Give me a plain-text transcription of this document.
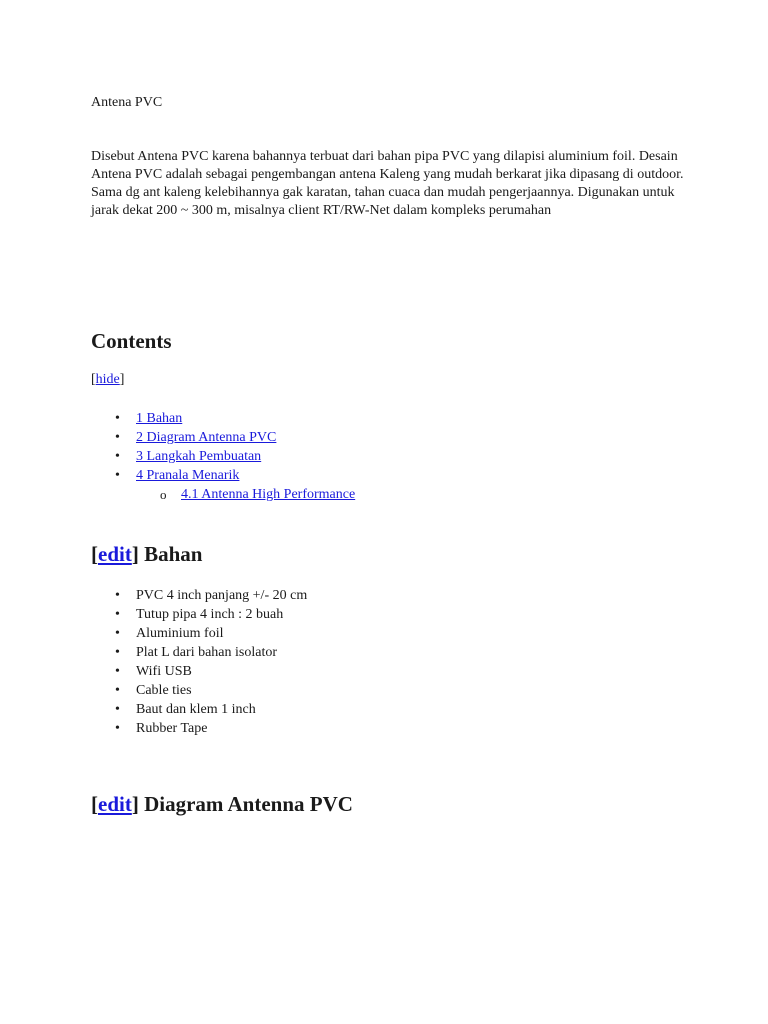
Antena PVC

Disebut Antena PVC karena bahannya terbuat dari bahan pipa PVC yang dilapisi aluminium foil. Desain Antena PVC adalah sebagai pengembangan antena Kaleng yang mudah berkarat jika dipasang di outdoor. Sama dg ant kaleng kelebihannya gak karatan, tahan cuaca dan mudah pengerjaannya. Digunakan untuk jarak dekat 200 ~ 300 m, misalnya client RT/RW-Net dalam kompleks perumahan

Contents
[hide]
• 1 Bahan
• 2 Diagram Antenna PVC
• 3 Langkah Pembuatan
• 4 Pranala Menarik
o 4.1 Antenna High Performance
[edit] Bahan
• PVC 4 inch panjang +/- 20 cm
• Tutup pipa 4 inch : 2 buah
• Aluminium foil
• Plat L dari bahan isolator
• Wifi USB
• Cable ties
• Baut dan klem 1 inch
• Rubber Tape
[edit] Diagram Antenna PVC
